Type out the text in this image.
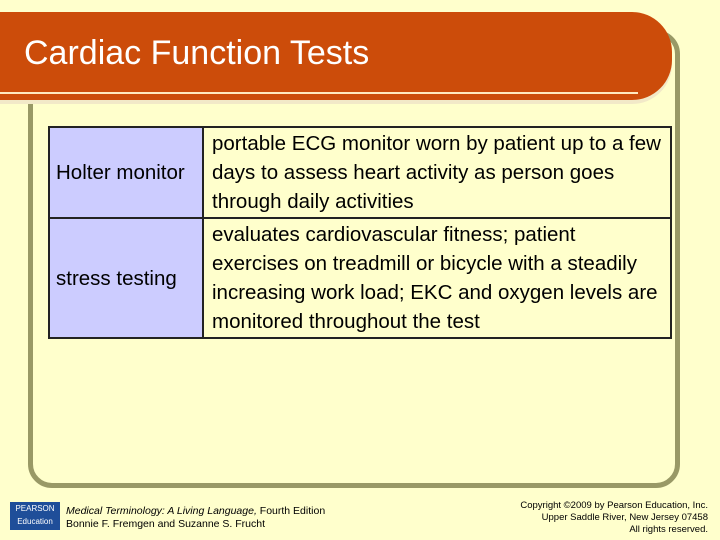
Cardiac Function Tests
Holter monitor	portable ECG monitor worn by patient up to a few days to assess heart activity as person goes through daily activities
stress testing	evaluates cardiovascular fitness; patient exercises on treadmill or bicycle with a steadily increasing work load; EKC and oxygen levels are monitored throughout the test
PEARSON
Education
Medical Terminology: A Living Language, Fourth Edition
Bonnie F. Fremgen and Suzanne S. Frucht
Copyright ©2009 by Pearson Education, Inc.
Upper Saddle River, New Jersey 07458
All rights reserved.
